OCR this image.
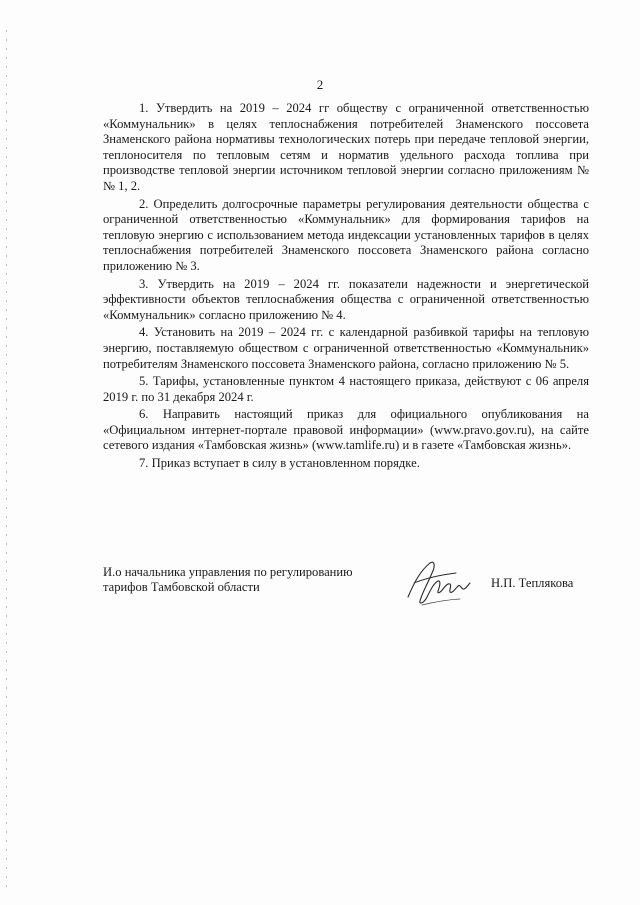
2

1. Утвердить на 2019 – 2024 гг обществу с ограниченной ответственностью «Коммунальник» в целях теплоснабжения потребителей Знаменского поссовета Знаменского района нормативы технологических потерь при передаче тепловой энергии, теплоносителя по тепловым сетям и норматив удельного расхода топлива при производстве тепловой энергии источником тепловой энергии согласно приложениям №№ 1, 2.

2. Определить долгосрочные параметры регулирования деятельности общества с ограниченной ответственностью «Коммунальник» для формирования тарифов на тепловую энергию с использованием метода индексации установленных тарифов в целях теплоснабжения потребителей Знаменского поссовета Знаменского района согласно приложению № 3.

3. Утвердить на 2019 – 2024 гг. показатели надежности и энергетической эффективности объектов теплоснабжения общества с ограниченной ответственностью «Коммунальник» согласно приложению № 4.

4. Установить на 2019 – 2024 гг. с календарной разбивкой тарифы на тепловую энергию, поставляемую обществом с ограниченной ответственностью «Коммунальник» потребителям Знаменского поссовета Знаменского района, согласно приложению № 5.

5. Тарифы, установленные пунктом 4 настоящего приказа, действуют с 06 апреля 2019 г. по 31 декабря 2024 г.

6. Направить настоящий приказ для официального опубликования на «Официальном интернет-портале правовой информации» (www.pravo.gov.ru), на сайте сетевого издания «Тамбовская жизнь» (www.tamlife.ru) и в газете «Тамбовская жизнь».

7. Приказ вступает в силу в установленном порядке.

И.о начальника управления по регулированию
тарифов Тамбовской области	Н.П. Теплякова
